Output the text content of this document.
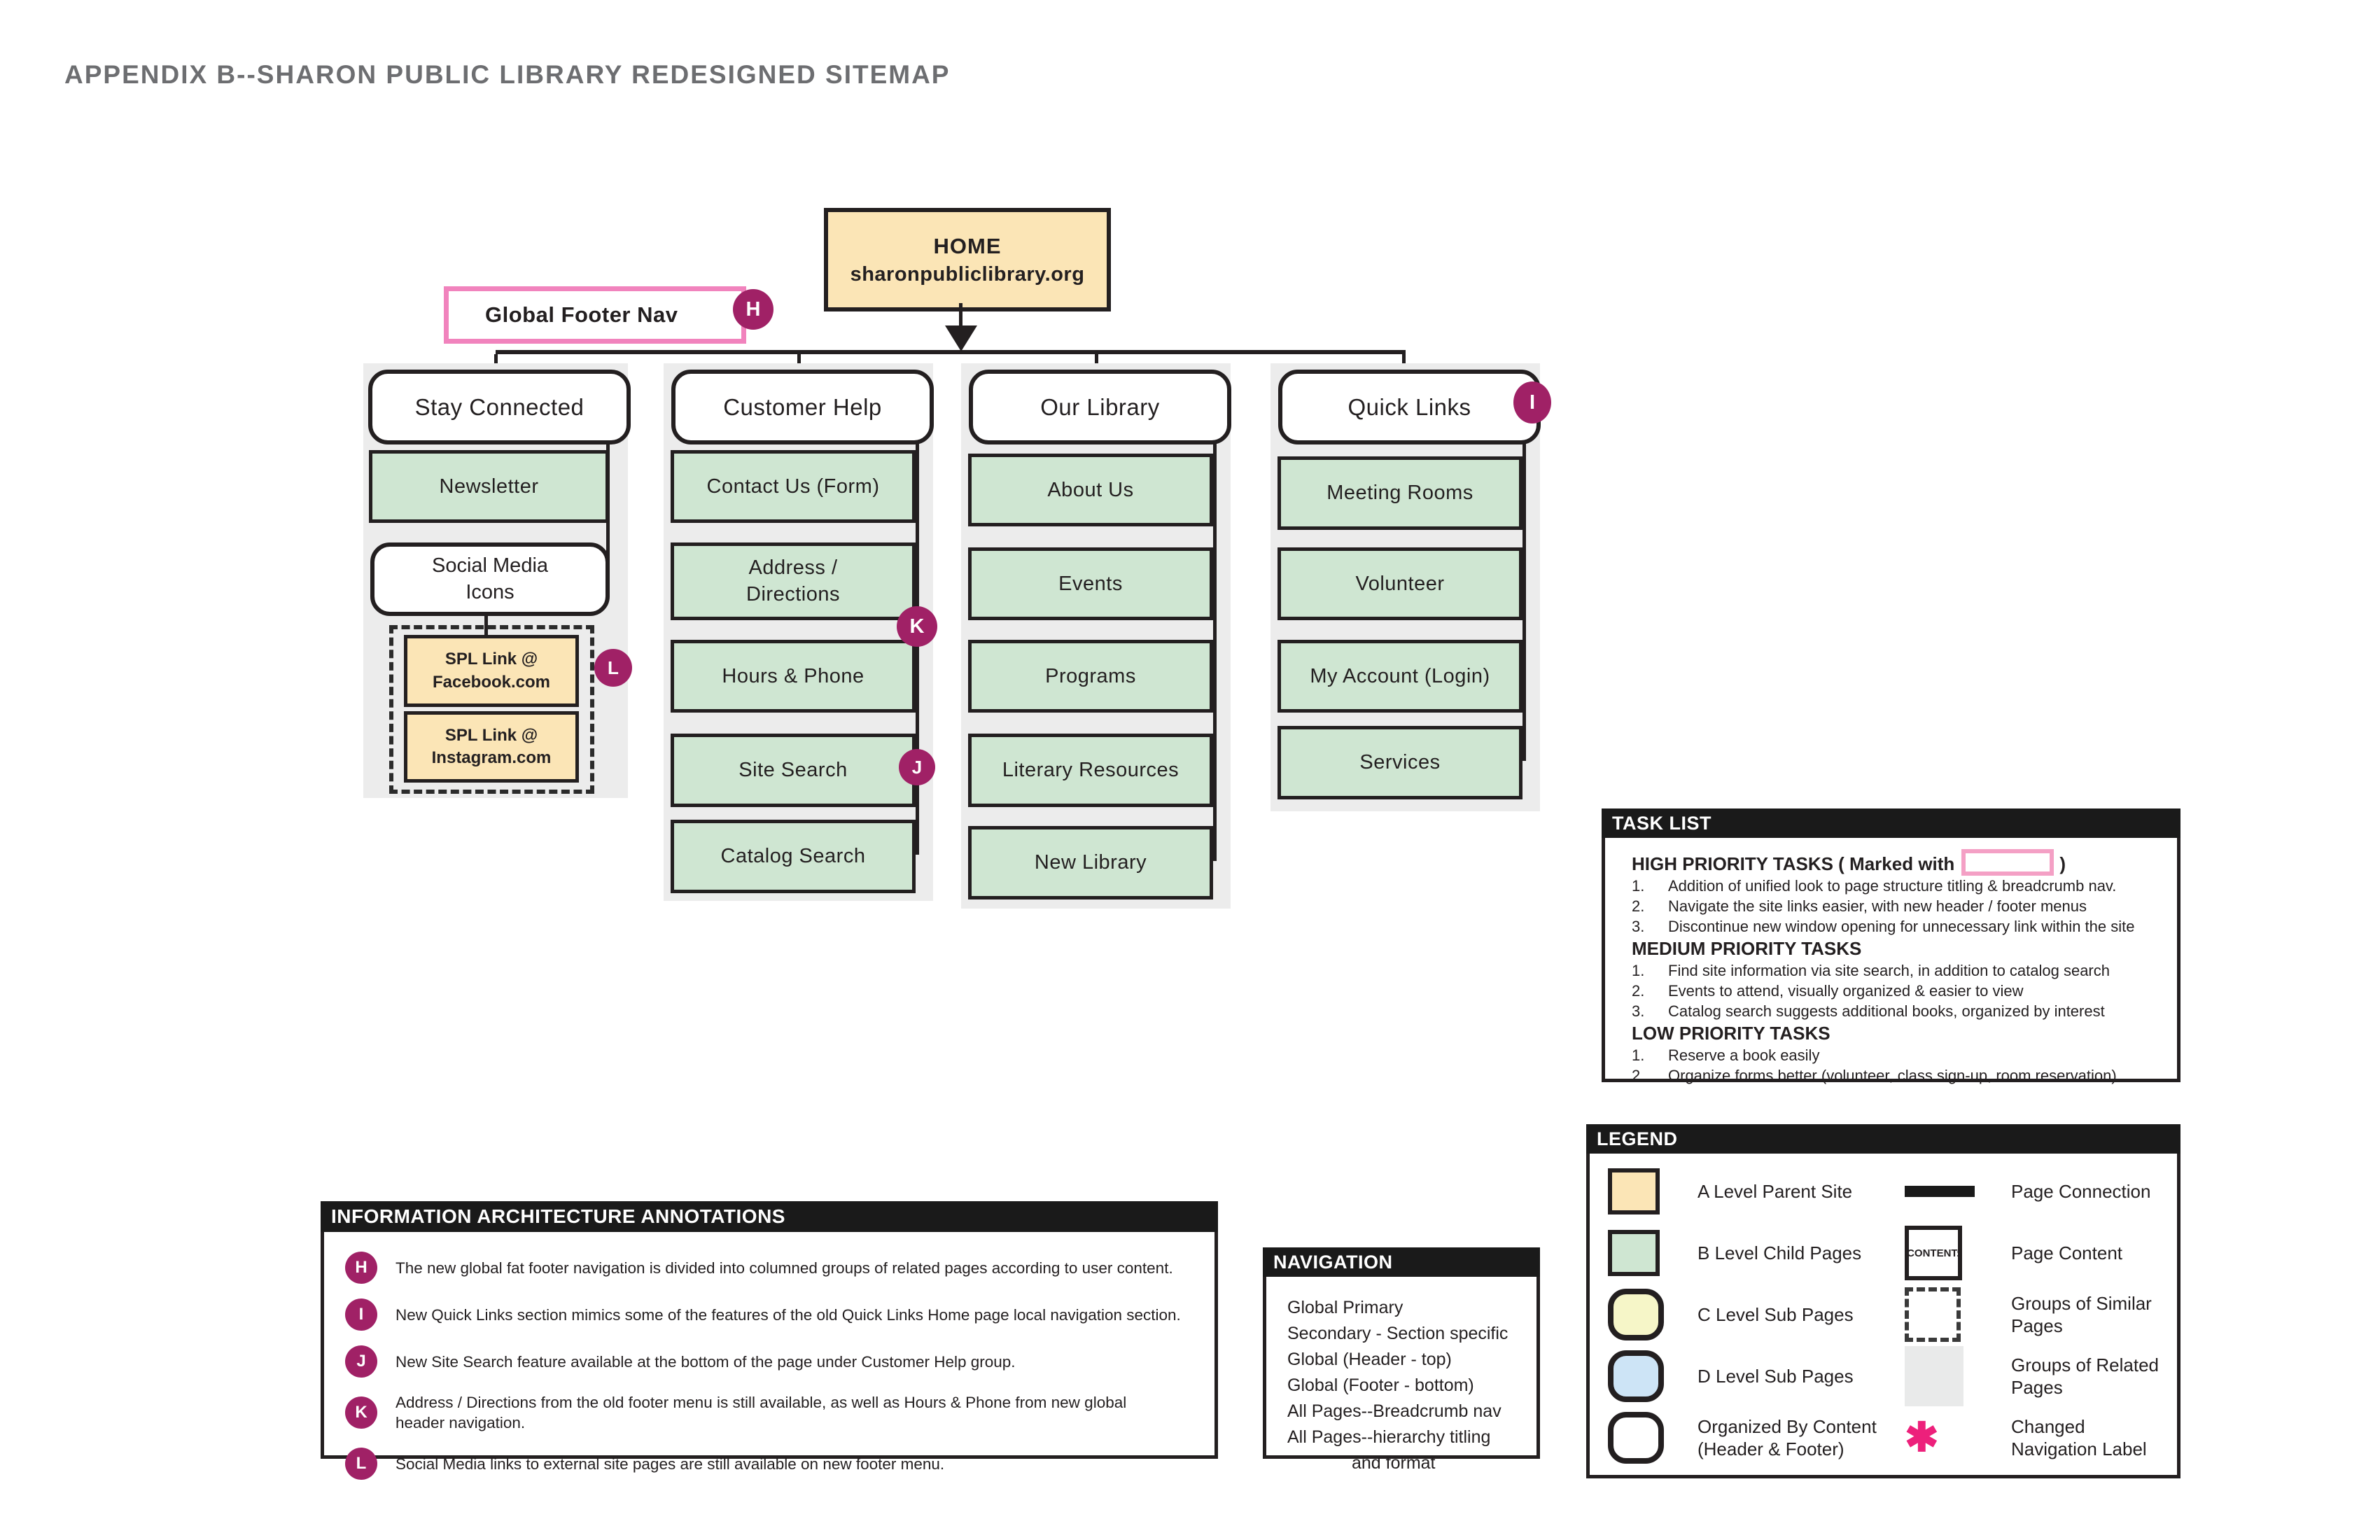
APPENDIX B--SHARON PUBLIC LIBRARY REDESIGNED SITEMAP
HOME
sharonpubliclibrary.org
Global Footer Nav	H
Stay Connected	Customer Help	Our Library	Quick Links	I
Newsletter
Social Media Icons
SPL Link @ Facebook.com
SPL Link @ Instagram.com
L
Contact Us (Form)
Address / Directions
Hours & Phone
Site Search
Catalog Search
K
J
About Us
Events
Programs
Literary Resources
New Library
Meeting Rooms
Volunteer
My Account (Login)
Services
TASK LIST
HIGH PRIORITY TASKS ( Marked with	)
1.	Addition of unified look to page structure titling & breadcrumb nav.
2.	Navigate the site links easier, with new header / footer menus
3.	Discontinue new window opening for unnecessary link within the site
MEDIUM PRIORITY TASKS
1.	Find site information via site search, in addition to catalog search
2.	Events to attend, visually organized & easier to view
3.	Catalog search suggests additional books, organized by interest
LOW PRIORITY TASKS
1.	Reserve a book easily
2.	Organize forms better (volunteer, class sign-up, room reservation)
NAVIGATION
Global Primary
Secondary - Section specific
Global (Header - top)
Global (Footer - bottom)
All Pages--Breadcrumb nav
All Pages--hierarchy titling
and format
INFORMATION ARCHITECTURE ANNOTATIONS
H	The new global fat footer navigation is divided into columned groups of related pages according to user content.
I	New Quick Links section mimics some of the features of the old Quick Links Home page local navigation section.
J	New Site Search feature available at the bottom of the page under Customer Help group.
K
Address / Directions from the old footer menu is still available, as well as Hours & Phone from new global header navigation.
L	Social Media links to external site pages are still available on new footer menu.
LEGEND
A Level Parent Site	Page Connection
B Level Child Pages	CONTENT:	Page Content
C Level Sub Pages
Groups of Similar Pages
D Level Sub Pages
Groups of Related Pages
Organized By Content (Header & Footer)	✱	Changed Navigation Label
